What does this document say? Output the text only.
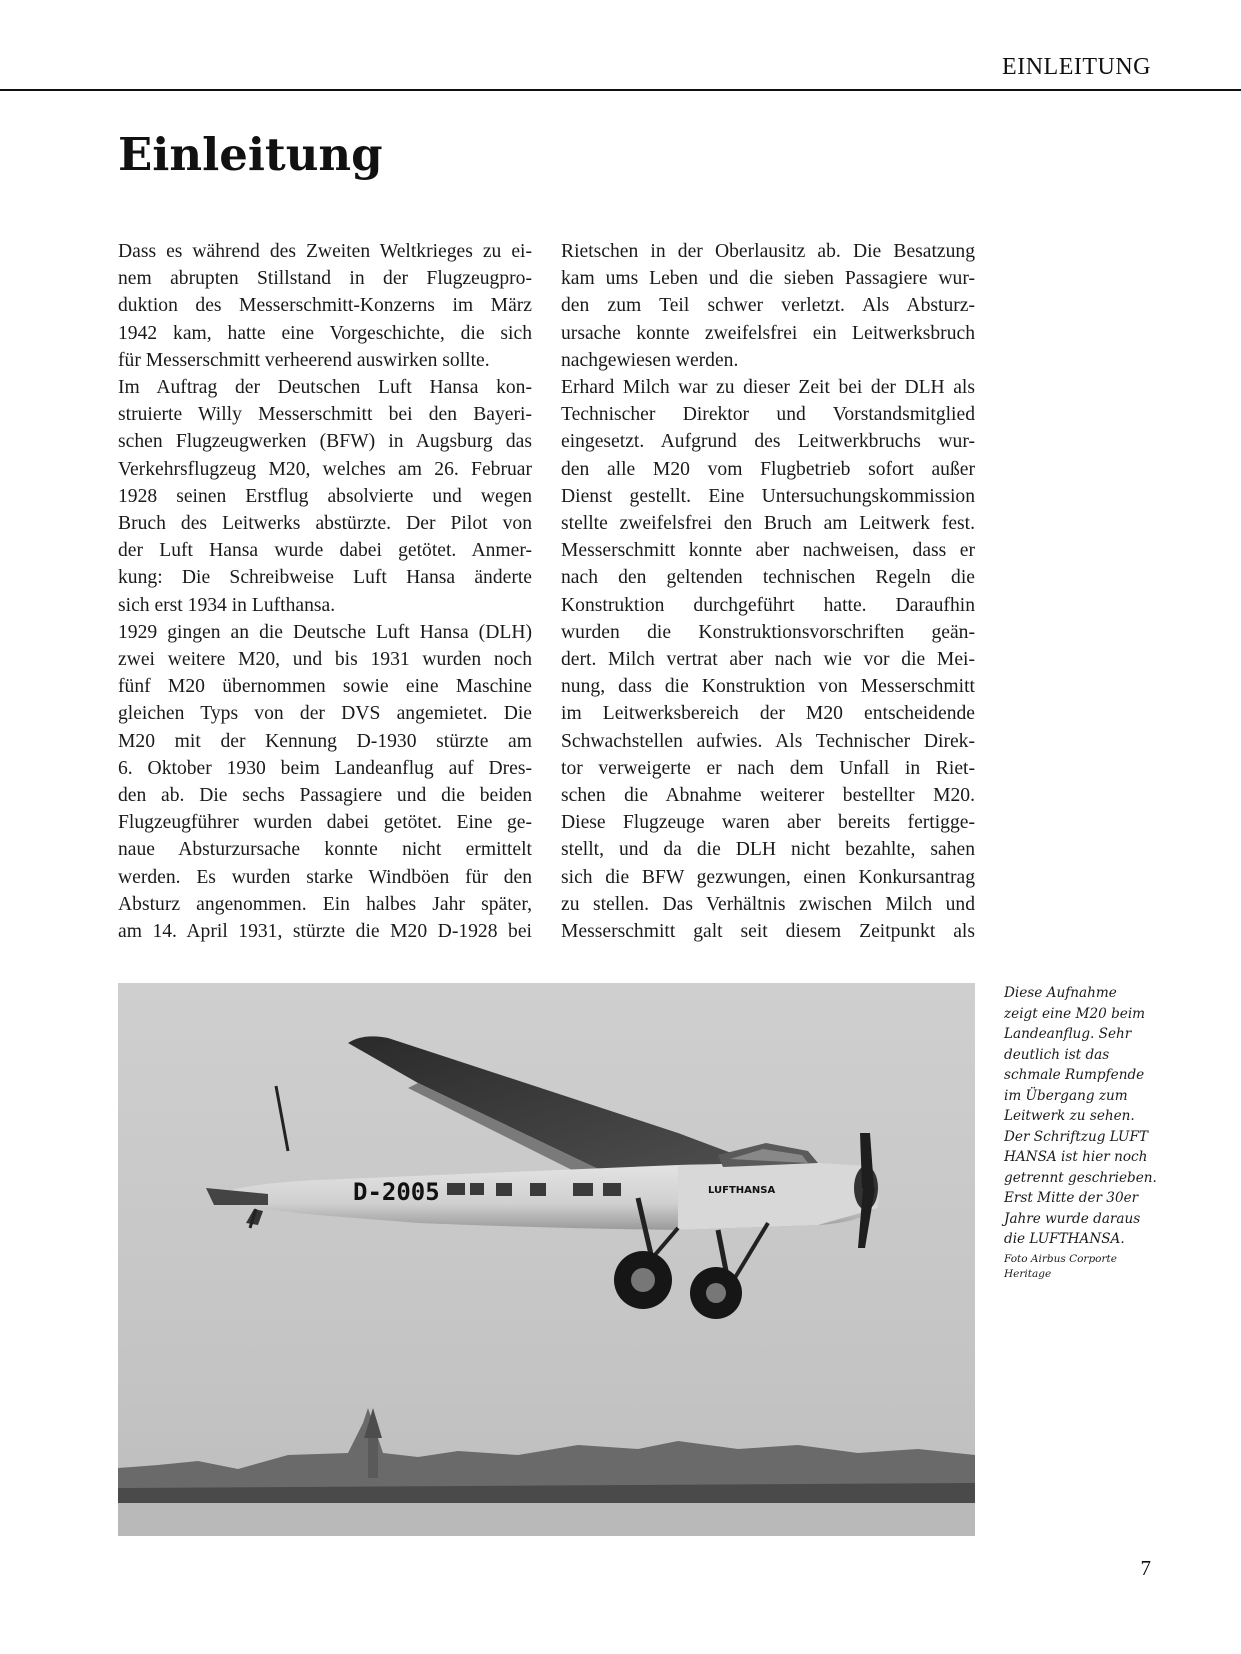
EINLEITUNG
Einleitung
Dass es während des Zweiten Weltkrieges zu ei-
nem abrupten Stillstand in der Flugzeugpro-
duktion des Messerschmitt-Konzerns im März
1942 kam, hatte eine Vorgeschichte, die sich
für Messerschmitt verheerend auswirken sollte.
Im Auftrag der Deutschen Luft Hansa kon-
struierte Willy Messerschmitt bei den Bayeri-
schen Flugzeugwerken (BFW) in Augsburg das
Verkehrsflugzeug M20, welches am 26. Februar
1928 seinen Erstflug absolvierte und wegen
Bruch des Leitwerks abstürzte. Der Pilot von
der Luft Hansa wurde dabei getötet. Anmer-
kung: Die Schreibweise Luft Hansa änderte
sich erst 1934 in Lufthansa.
1929 gingen an die Deutsche Luft Hansa (DLH)
zwei weitere M20, und bis 1931 wurden noch
fünf M20 übernommen sowie eine Maschine
gleichen Typs von der DVS angemietet. Die
M20 mit der Kennung D-1930 stürzte am
6. Oktober 1930 beim Landeanflug auf Dres-
den ab. Die sechs Passagiere und die beiden
Flugzeugführer wurden dabei getötet. Eine ge-
naue Absturzursache konnte nicht ermittelt
werden. Es wurden starke Windböen für den
Absturz angenommen. Ein halbes Jahr später,
am 14. April 1931, stürzte die M20 D-1928 bei
Rietschen in der Oberlausitz ab. Die Besatzung
kam ums Leben und die sieben Passagiere wur-
den zum Teil schwer verletzt. Als Absturz-
ursache konnte zweifelsfrei ein Leitwerksbruch
nachgewiesen werden.
Erhard Milch war zu dieser Zeit bei der DLH als
Technischer Direktor und Vorstandsmitglied
eingesetzt. Aufgrund des Leitwerkbruchs wur-
den alle M20 vom Flugbetrieb sofort außer
Dienst gestellt. Eine Untersuchungskommission
stellte zweifelsfrei den Bruch am Leitwerk fest.
Messerschmitt konnte aber nachweisen, dass er
nach den geltenden technischen Regeln die
Konstruktion durchgeführt hatte. Daraufhin
wurden die Konstruktionsvorschriften geän-
dert. Milch vertrat aber nach wie vor die Mei-
nung, dass die Konstruktion von Messerschmitt
im Leitwerksbereich der M20 entscheidende
Schwachstellen aufwies. Als Technischer Direk-
tor verweigerte er nach dem Unfall in Riet-
schen die Abnahme weiterer bestellter M20.
Diese Flugzeuge waren aber bereits fertigge-
stellt, und da die DLH nicht bezahlte, sahen
sich die BFW gezwungen, einen Konkursantrag
zu stellen. Das Verhältnis zwischen Milch und
Messerschmitt galt seit diesem Zeitpunkt als
D-2005	LUFTHANSA
Diese Aufnahme
zeigt eine M20 beim
Landeanflug. Sehr
deutlich ist das
schmale Rumpfende
im Übergang zum
Leitwerk zu sehen.
Der Schriftzug LUFT
HANSA ist hier noch
getrennt geschrieben.
Erst Mitte der 30er
Jahre wurde daraus
die LUFTHANSA.
Foto Airbus Corporte
Heritage
7
